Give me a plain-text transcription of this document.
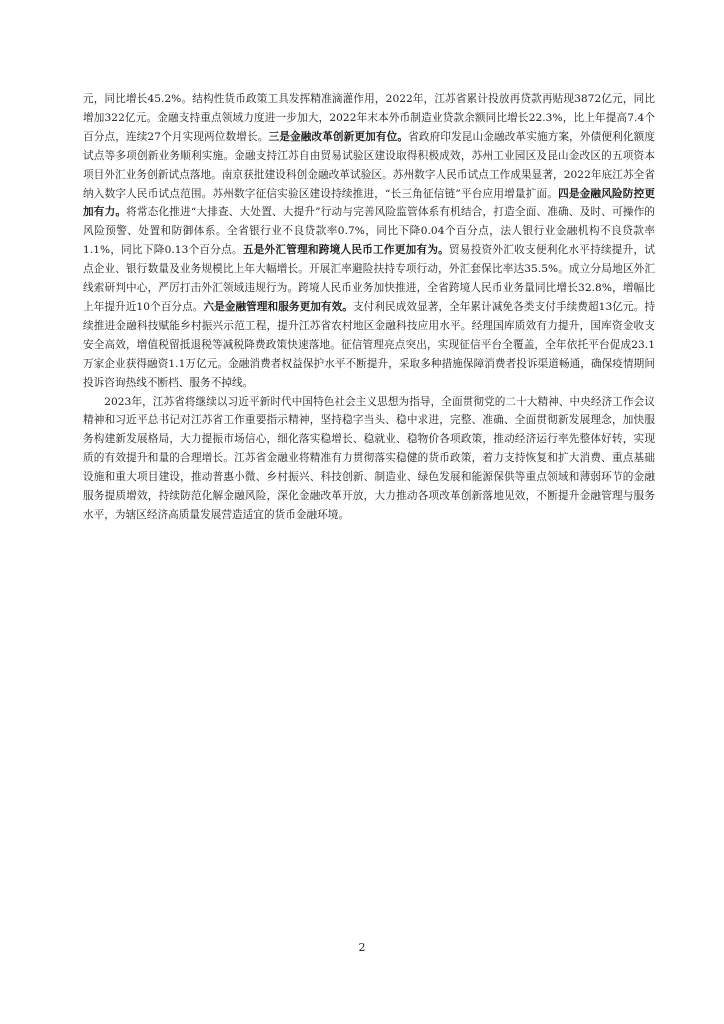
元，同比增长45.2%。结构性货币政策工具发挥精准滴灌作用，2022年，江苏省累计投放再贷款再贴现3872亿元，同比增加322亿元。金融支持重点领域力度进一步加大，2022年末本外币制造业贷款余额同比增长22.3%，比上年提高7.4个百分点，连续27个月实现两位数增长。三是金融改革创新更加有位。省政府印发昆山金融改革实施方案，外债便利化额度试点等多项创新业务顺利实施。金融支持江苏自由贸易试验区建设取得积极成效，苏州工业园区及昆山金改区的五项资本项目外汇业务创新试点落地。南京获批建设科创金融改革试验区。苏州数字人民币试点工作成果显著，2022年底江苏全省纳入数字人民币试点范围。苏州数字征信实验区建设持续推进，“长三角征信链”平台应用增量扩面。四是金融风险防控更加有力。将常态化推进“大排查、大处置、大提升”行动与完善风险监管体系有机结合，打造全面、准确、及时、可操作的风险预警、处置和防御体系。全省银行业不良贷款率0.7%，同比下降0.04个百分点，法人银行业金融机构不良贷款率1.1%，同比下降0.13个百分点。五是外汇管理和跨境人民币工作更加有为。贸易投资外汇收支便利化水平持续提升，试点企业、银行数量及业务规模比上年大幅增长。开展汇率避险扶持专项行动，外汇套保比率达35.5%。成立分局地区外汇线索研判中心，严厉打击外汇领域违规行为。跨境人民币业务加快推进，全省跨境人民币业务量同比增长32.8%，增幅比上年提升近10个百分点。六是金融管理和服务更加有效。支付利民成效显著，全年累计减免各类支付手续费超13亿元。持续推进金融科技赋能乡村振兴示范工程，提升江苏省农村地区金融科技应用水平。经理国库质效有力提升，国库资金收支安全高效，增值税留抵退税等减税降费政策快速落地。征信管理亮点突出，实现征信平台全覆盖，全年依托平台促成23.1万家企业获得融资1.1万亿元。金融消费者权益保护水平不断提升，采取多种措施保障消费者投诉渠道畅通，确保疫情期间投诉咨询热线不断档、服务不掉线。

2023年，江苏省将继续以习近平新时代中国特色社会主义思想为指导，全面贯彻党的二十大精神、中央经济工作会议精神和习近平总书记对江苏省工作重要指示精神，坚持稳字当头、稳中求进，完整、准确、全面贯彻新发展理念，加快服务构建新发展格局，大力提振市场信心，细化落实稳增长、稳就业、稳物价各项政策，推动经济运行率先整体好转，实现质的有效提升和量的合理增长。江苏省金融业将精准有力贯彻落实稳健的货币政策，着力支持恢复和扩大消费、重点基础设施和重大项目建设，推动普惠小微、乡村振兴、科技创新、制造业、绿色发展和能源保供等重点领域和薄弱环节的金融服务提质增效，持续防范化解金融风险，深化金融改革开放，大力推动各项改革创新落地见效，不断提升金融管理与服务水平，为辖区经济高质量发展营造适宜的货币金融环境。

2
